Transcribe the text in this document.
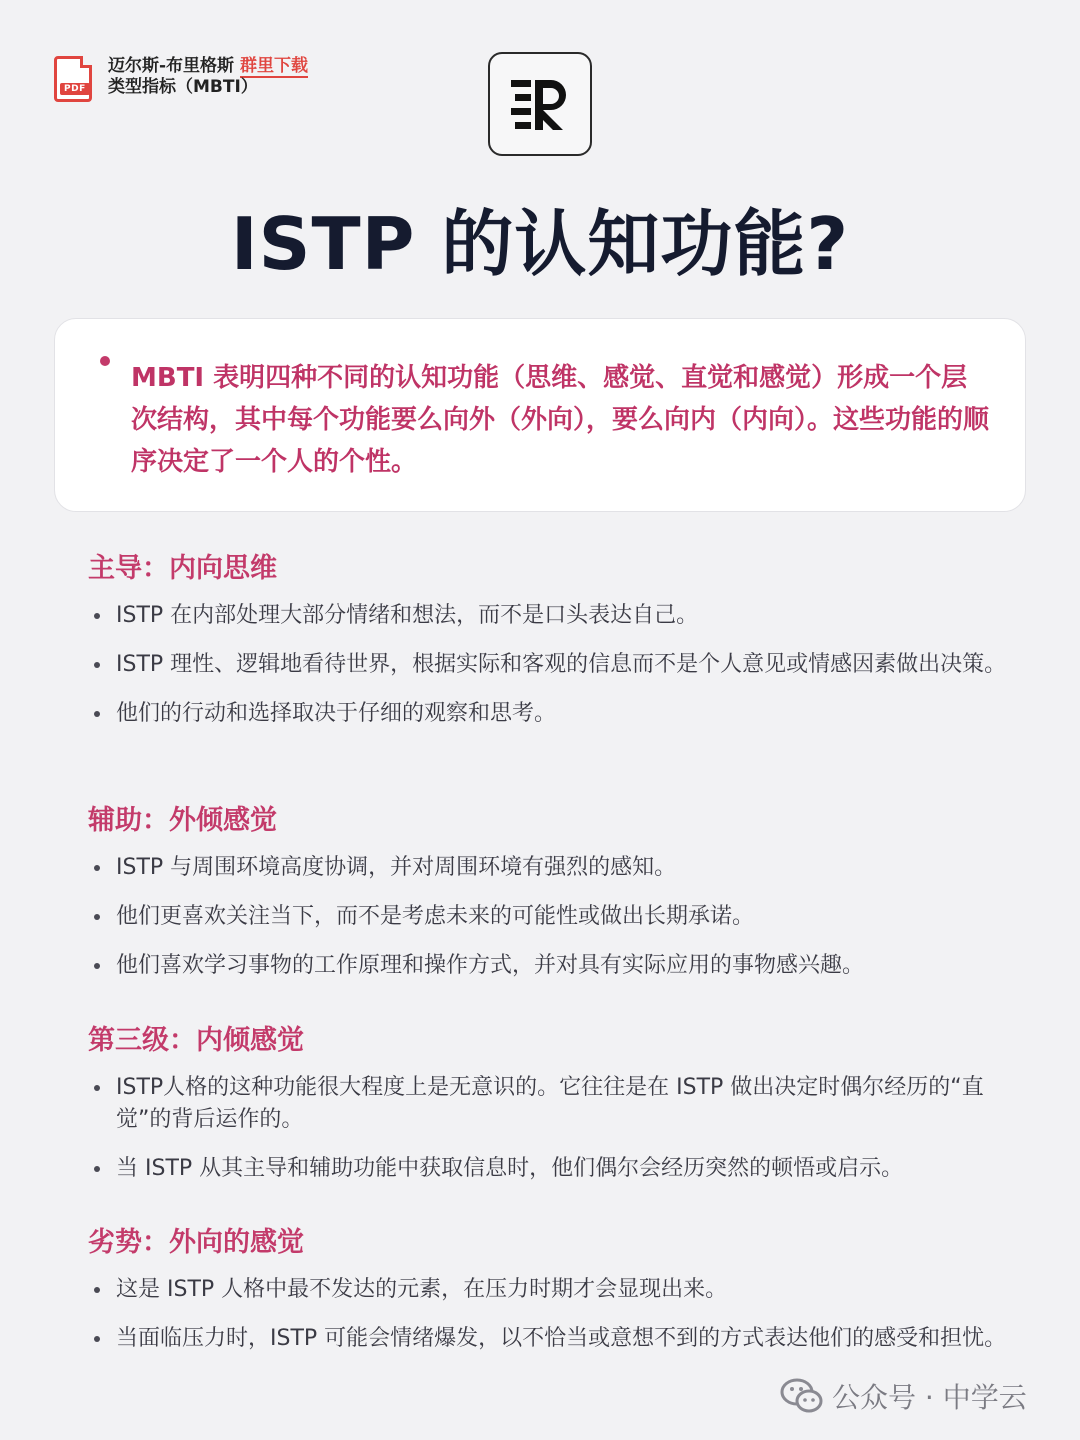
PDF
迈尔斯-布里格斯 群里下载
类型指标（MBTI）
ISTP 的认知功能?
MBTI 表明四种不同的认知功能（思维、感觉、直觉和感觉）形成一个层次结构，其中每个功能要么向外（外向），要么向内（内向）。这些功能的顺序决定了一个人的个性。
主导：内向思维
ISTP 在内部处理大部分情绪和想法，而不是口头表达自己。
ISTP 理性、逻辑地看待世界，根据实际和客观的信息而不是个人意见或情感因素做出决策。
他们的行动和选择取决于仔细的观察和思考。
辅助：外倾感觉
ISTP 与周围环境高度协调，并对周围环境有强烈的感知。
他们更喜欢关注当下，而不是考虑未来的可能性或做出长期承诺。
他们喜欢学习事物的工作原理和操作方式，并对具有实际应用的事物感兴趣。
第三级：内倾感觉
ISTP人格的这种功能很大程度上是无意识的。它往往是在 ISTP 做出决定时偶尔经历的“直觉”的背后运作的。
当 ISTP 从其主导和辅助功能中获取信息时，他们偶尔会经历突然的顿悟或启示。
劣势：外向的感觉
这是 ISTP 人格中最不发达的元素，在压力时期才会显现出来。
当面临压力时，ISTP 可能会情绪爆发，以不恰当或意想不到的方式表达他们的感受和担忧。
公众号 · 中学云
